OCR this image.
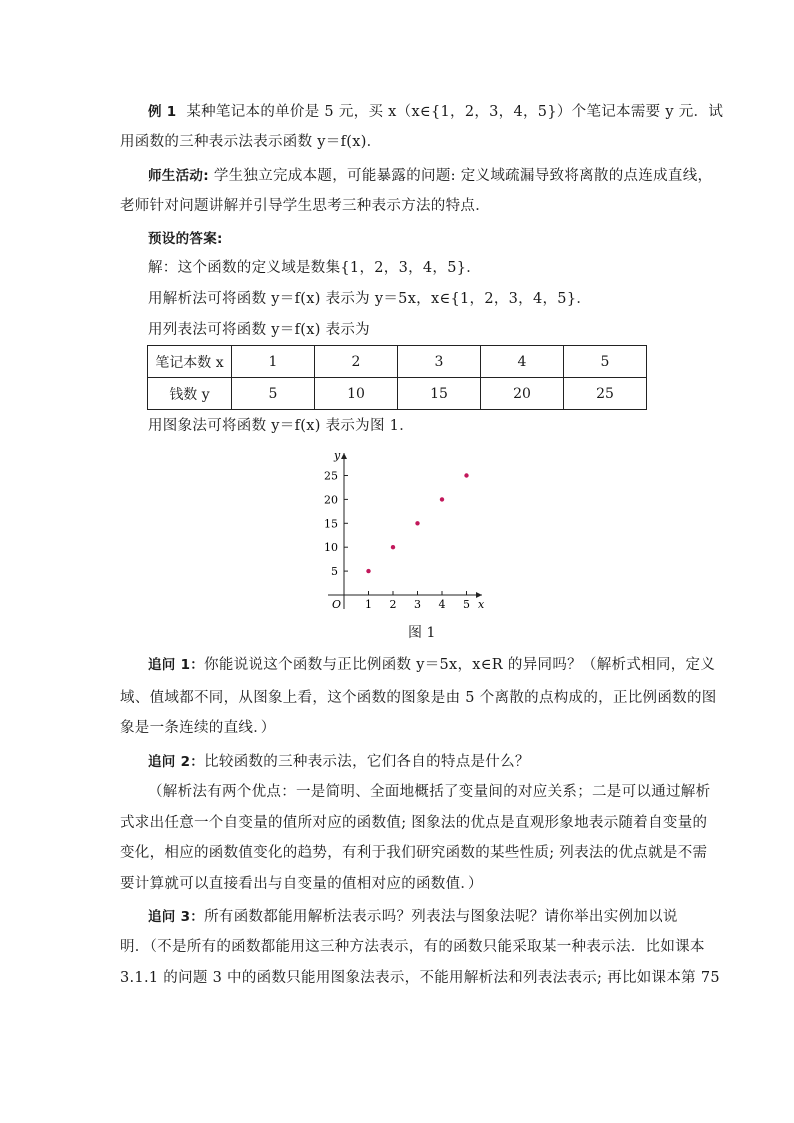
例 1 某种笔记本的单价是 5 元，买 x（x∈{1，2，3，4，5}）个笔记本需要 y 元．试
用函数的三种表示法表示函数 y＝f(x)．
师生活动: 学生独立完成本题，可能暴露的问题: 定义域疏漏导致将离散的点连成直线，
老师针对问题讲解并引导学生思考三种表示方法的特点．
预设的答案:
解：这个函数的定义域是数集{1，2，3，4，5}．
用解析法可将函数 y＝f(x) 表示为 y＝5x，x∈{1，2，3，4，5}．
用列表法可将函数 y＝f(x) 表示为
笔记本数 x	1	2	3	4	5
钱数 y	5	10	15	20	25
用图象法可将函数 y＝f(x) 表示为图 1．
x
y
O 1 2 3 4 5
5
10
15
20
25
图 1
追问 1：你能说说这个函数与正比例函数 y＝5x，x∈R 的异同吗？（解析式相同，定义
域、值域都不同，从图象上看，这个函数的图象是由 5 个离散的点构成的，正比例函数的图
象是一条连续的直线．）
追问 2：比较函数的三种表示法，它们各自的特点是什么？
（解析法有两个优点：一是简明、全面地概括了变量间的对应关系；二是可以通过解析
式求出任意一个自变量的值所对应的函数值; 图象法的优点是直观形象地表示随着自变量的
变化，相应的函数值变化的趋势，有利于我们研究函数的某些性质; 列表法的优点就是不需
要计算就可以直接看出与自变量的值相对应的函数值．）
追问 3：所有函数都能用解析法表示吗？列表法与图象法呢？请你举出实例加以说
明．（不是所有的函数都能用这三种方法表示，有的函数只能采取某一种表示法．比如课本
3.1.1 的问题 3 中的函数只能用图象法表示，不能用解析法和列表法表示; 再比如课本第 75
